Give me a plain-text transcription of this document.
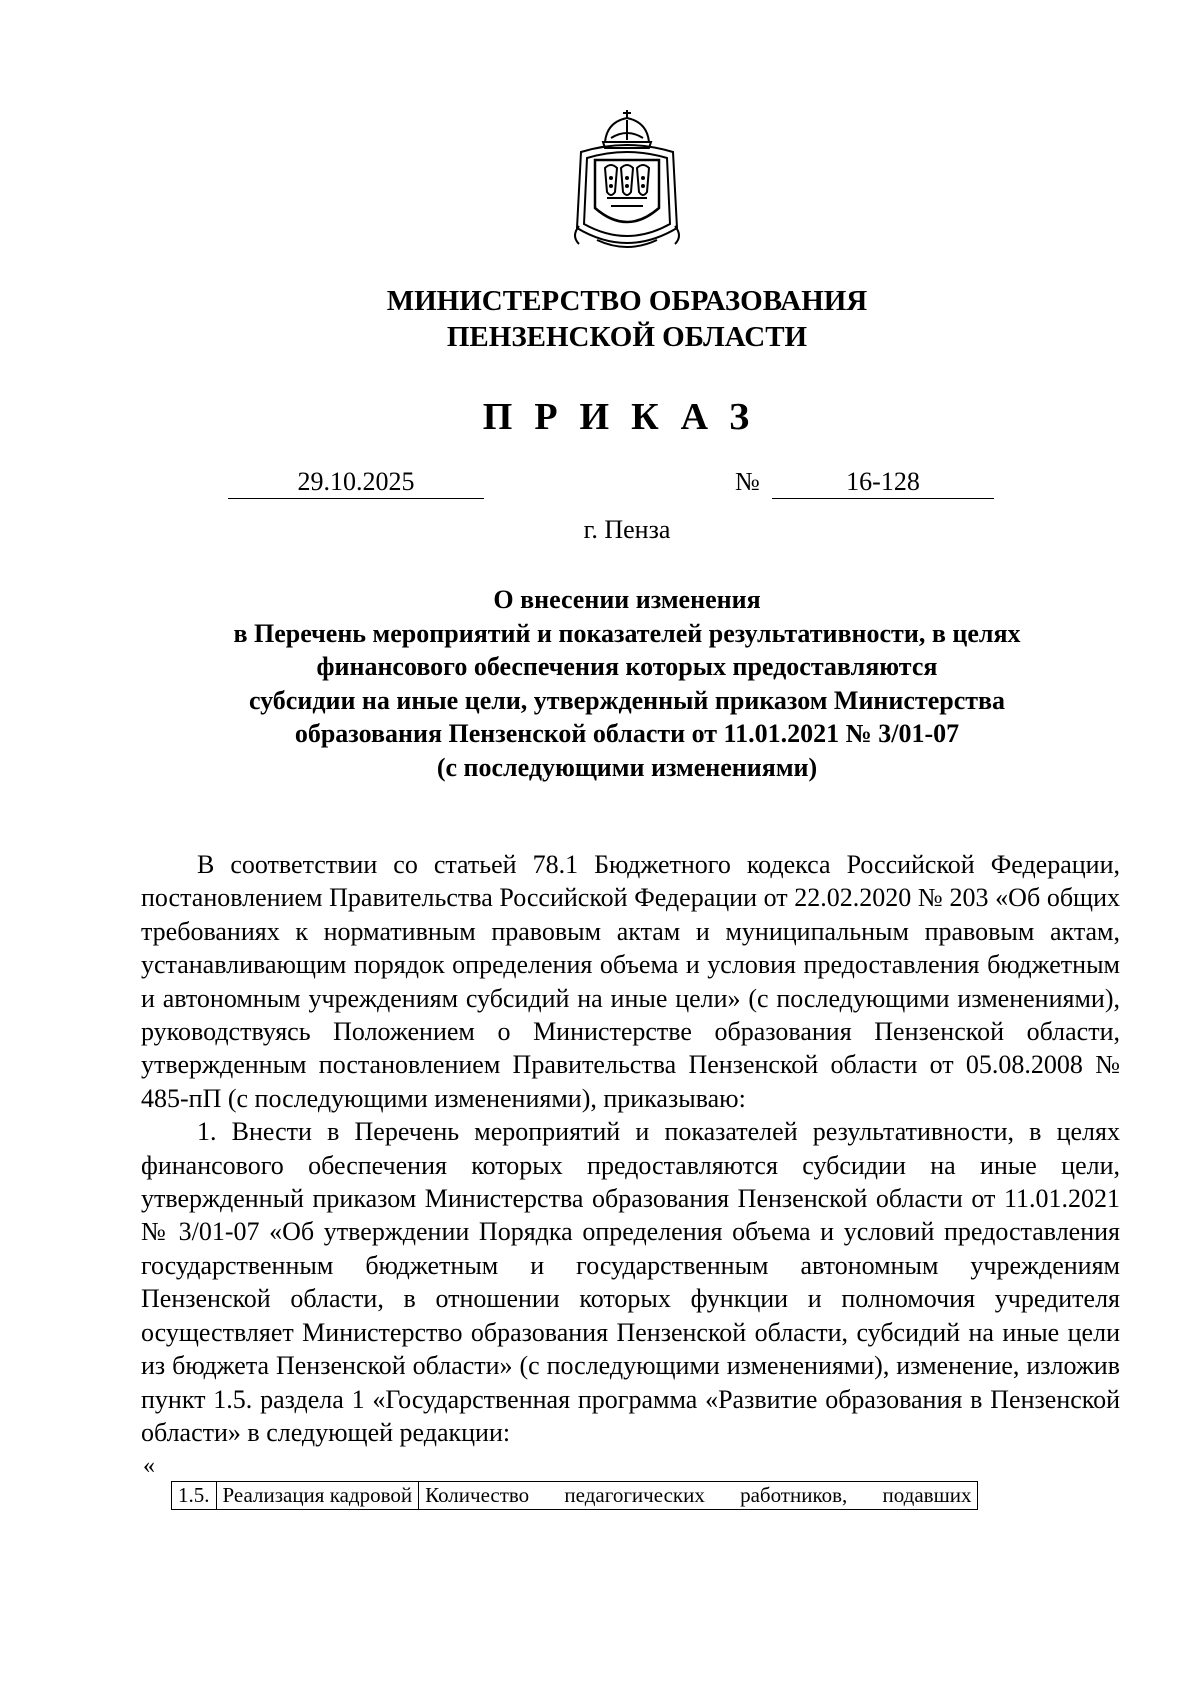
МИНИСТЕРСТВО ОБРАЗОВАНИЯ
ПЕНЗЕНСКОЙ ОБЛАСТИ
ПРИКАЗ
29.10.2025	№	16-128
г. Пенза
О внесении изменения
в Перечень мероприятий и показателей результативности, в целях
финансового обеспечения которых предоставляются
субсидии на иные цели, утвержденный приказом Министерства
образования Пензенской области от 11.01.2021 № 3/01-07
(с последующими изменениями)

В соответствии со статьей 78.1 Бюджетного кодекса Российской Федерации, постановлением Правительства Российской Федерации от 22.02.2020 № 203 «Об общих требованиях к нормативным правовым актам и муниципальным правовым актам, устанавливающим порядок определения объема и условия предоставления бюджетным и автономным учреждениям субсидий на иные цели» (с последующими изменениями), руководствуясь Положением о Министерстве образования Пензенской области, утвержденным постановлением Правительства Пензенской области от 05.08.2008 № 485-пП (с последующими изменениями), приказываю:

1. Внести в Перечень мероприятий и показателей результативности, в целях финансового обеспечения которых предоставляются субсидии на иные цели, утвержденный приказом Министерства образования Пензенской области от 11.01.2021 № 3/01-07 «Об утверждении Порядка определения объема и условий предоставления государственным бюджетным и государственным автономным учреждениям Пензенской области, в отношении которых функции и полномочия учредителя осуществляет Министерство образования Пензенской области, субсидий на иные цели из бюджета Пензенской области» (с последующими изменениями), изменение, изложив пункт 1.5. раздела 1 «Государственная программа «Развитие образования в Пензенской области» в следующей редакции:

«
1.5.	Реализация кадровой	Количество педагогических работников, подавших
